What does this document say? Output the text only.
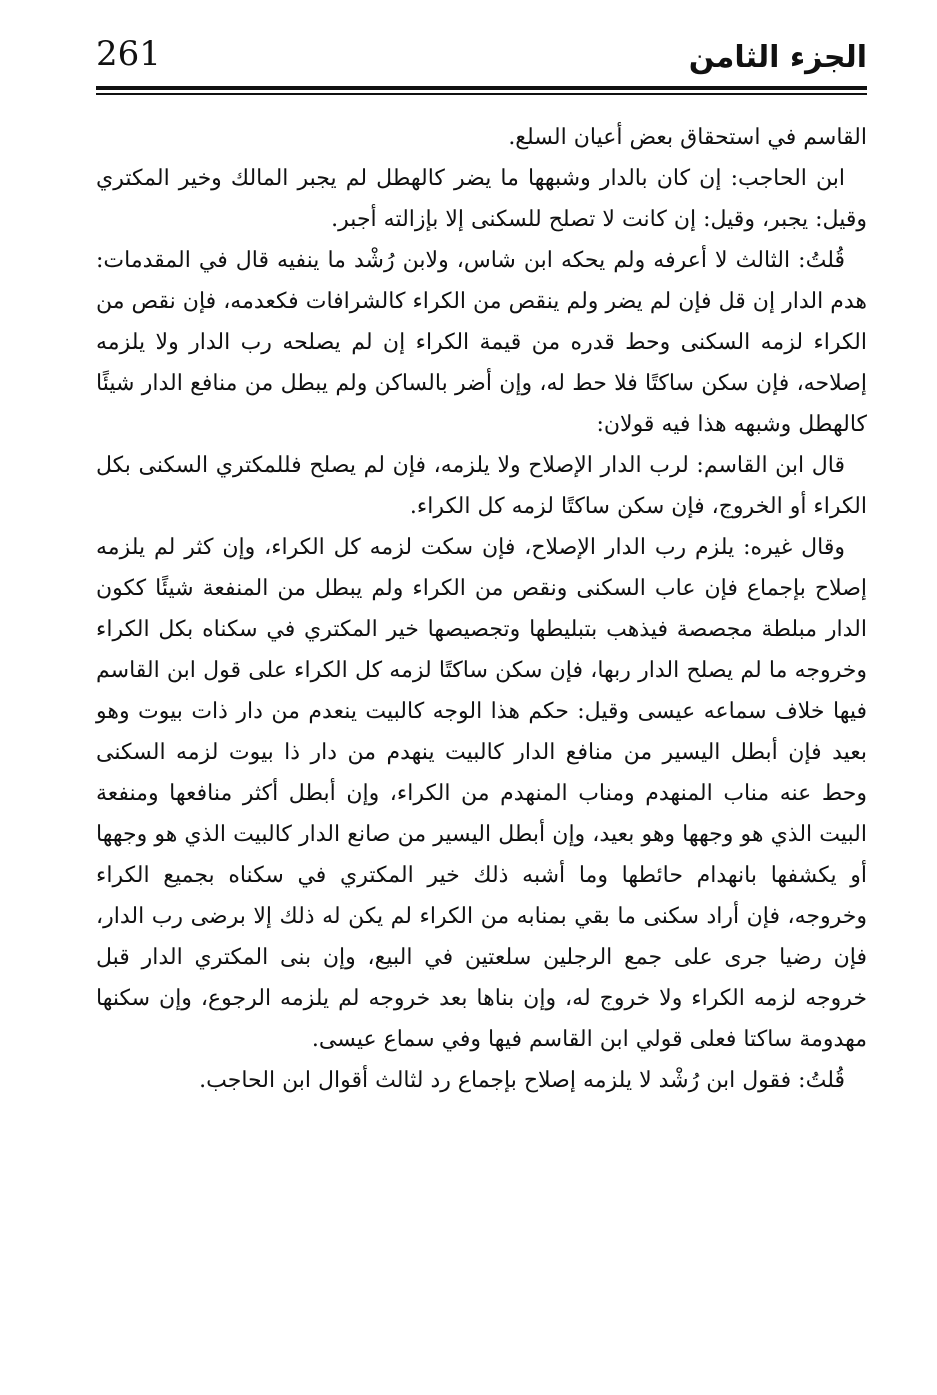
261	الجزء الثامن

القاسم في استحقاق بعض أعيان السلع.

ابن الحاجب: إن كان بالدار وشبهها ما يضر كالهطل لم يجبر المالك وخير المكتري وقيل: يجبر، وقيل: إن كانت لا تصلح للسكنى إلا بإزالته أجبر.

قُلتُ: الثالث لا أعرفه ولم يحكه ابن شاس، ولابن رُشْد ما ينفيه قال في المقدمات: هدم الدار إن قل فإن لم يضر ولم ينقص من الكراء كالشرافات فكعدمه، فإن نقص من الكراء لزمه السكنى وحط قدره من قيمة الكراء إن لم يصلحه رب الدار ولا يلزمه إصلاحه، فإن سكن ساكتًا فلا حط له، وإن أضر بالساكن ولم يبطل من منافع الدار شيئًا كالهطل وشبهه هذا فيه قولان:

قال ابن القاسم: لرب الدار الإصلاح ولا يلزمه، فإن لم يصلح فللمكتري السكنى بكل الكراء أو الخروج، فإن سكن ساكتًا لزمه كل الكراء.

وقال غيره: يلزم رب الدار الإصلاح، فإن سكت لزمه كل الكراء، وإن كثر لم يلزمه إصلاح بإجماع فإن عاب السكنى ونقص من الكراء ولم يبطل من المنفعة شيئًا ككون الدار مبلطة مجصصة فيذهب بتبليطها وتجصيصها خير المكتري في سكناه بكل الكراء وخروجه ما لم يصلح الدار ربها، فإن سكن ساكتًا لزمه كل الكراء على قول ابن القاسم فيها خلاف سماعه عيسى وقيل: حكم هذا الوجه كالبيت ينعدم من دار ذات بيوت وهو بعيد فإن أبطل اليسير من منافع الدار كالبيت ينهدم من دار ذا بيوت لزمه السكنى وحط عنه مناب المنهدم ومناب المنهدم من الكراء، وإن أبطل أكثر منافعها ومنفعة البيت الذي هو وجهها وهو بعيد، وإن أبطل اليسير من صانع الدار كالبيت الذي هو وجهها أو يكشفها بانهدام حائطها وما أشبه ذلك خير المكتري في سكناه بجميع الكراء وخروجه، فإن أراد سكنى ما بقي بمنابه من الكراء لم يكن له ذلك إلا برضى رب الدار، فإن رضيا جرى على جمع الرجلين سلعتين في البيع، وإن بنى المكتري الدار قبل خروجه لزمه الكراء ولا خروج له، وإن بناها بعد خروجه لم يلزمه الرجوع، وإن سكنها مهدومة ساكتا فعلى قولي ابن القاسم فيها وفي سماع عيسى.

قُلتُ: فقول ابن رُشْد لا يلزمه إصلاح بإجماع رد لثالث أقوال ابن الحاجب.
